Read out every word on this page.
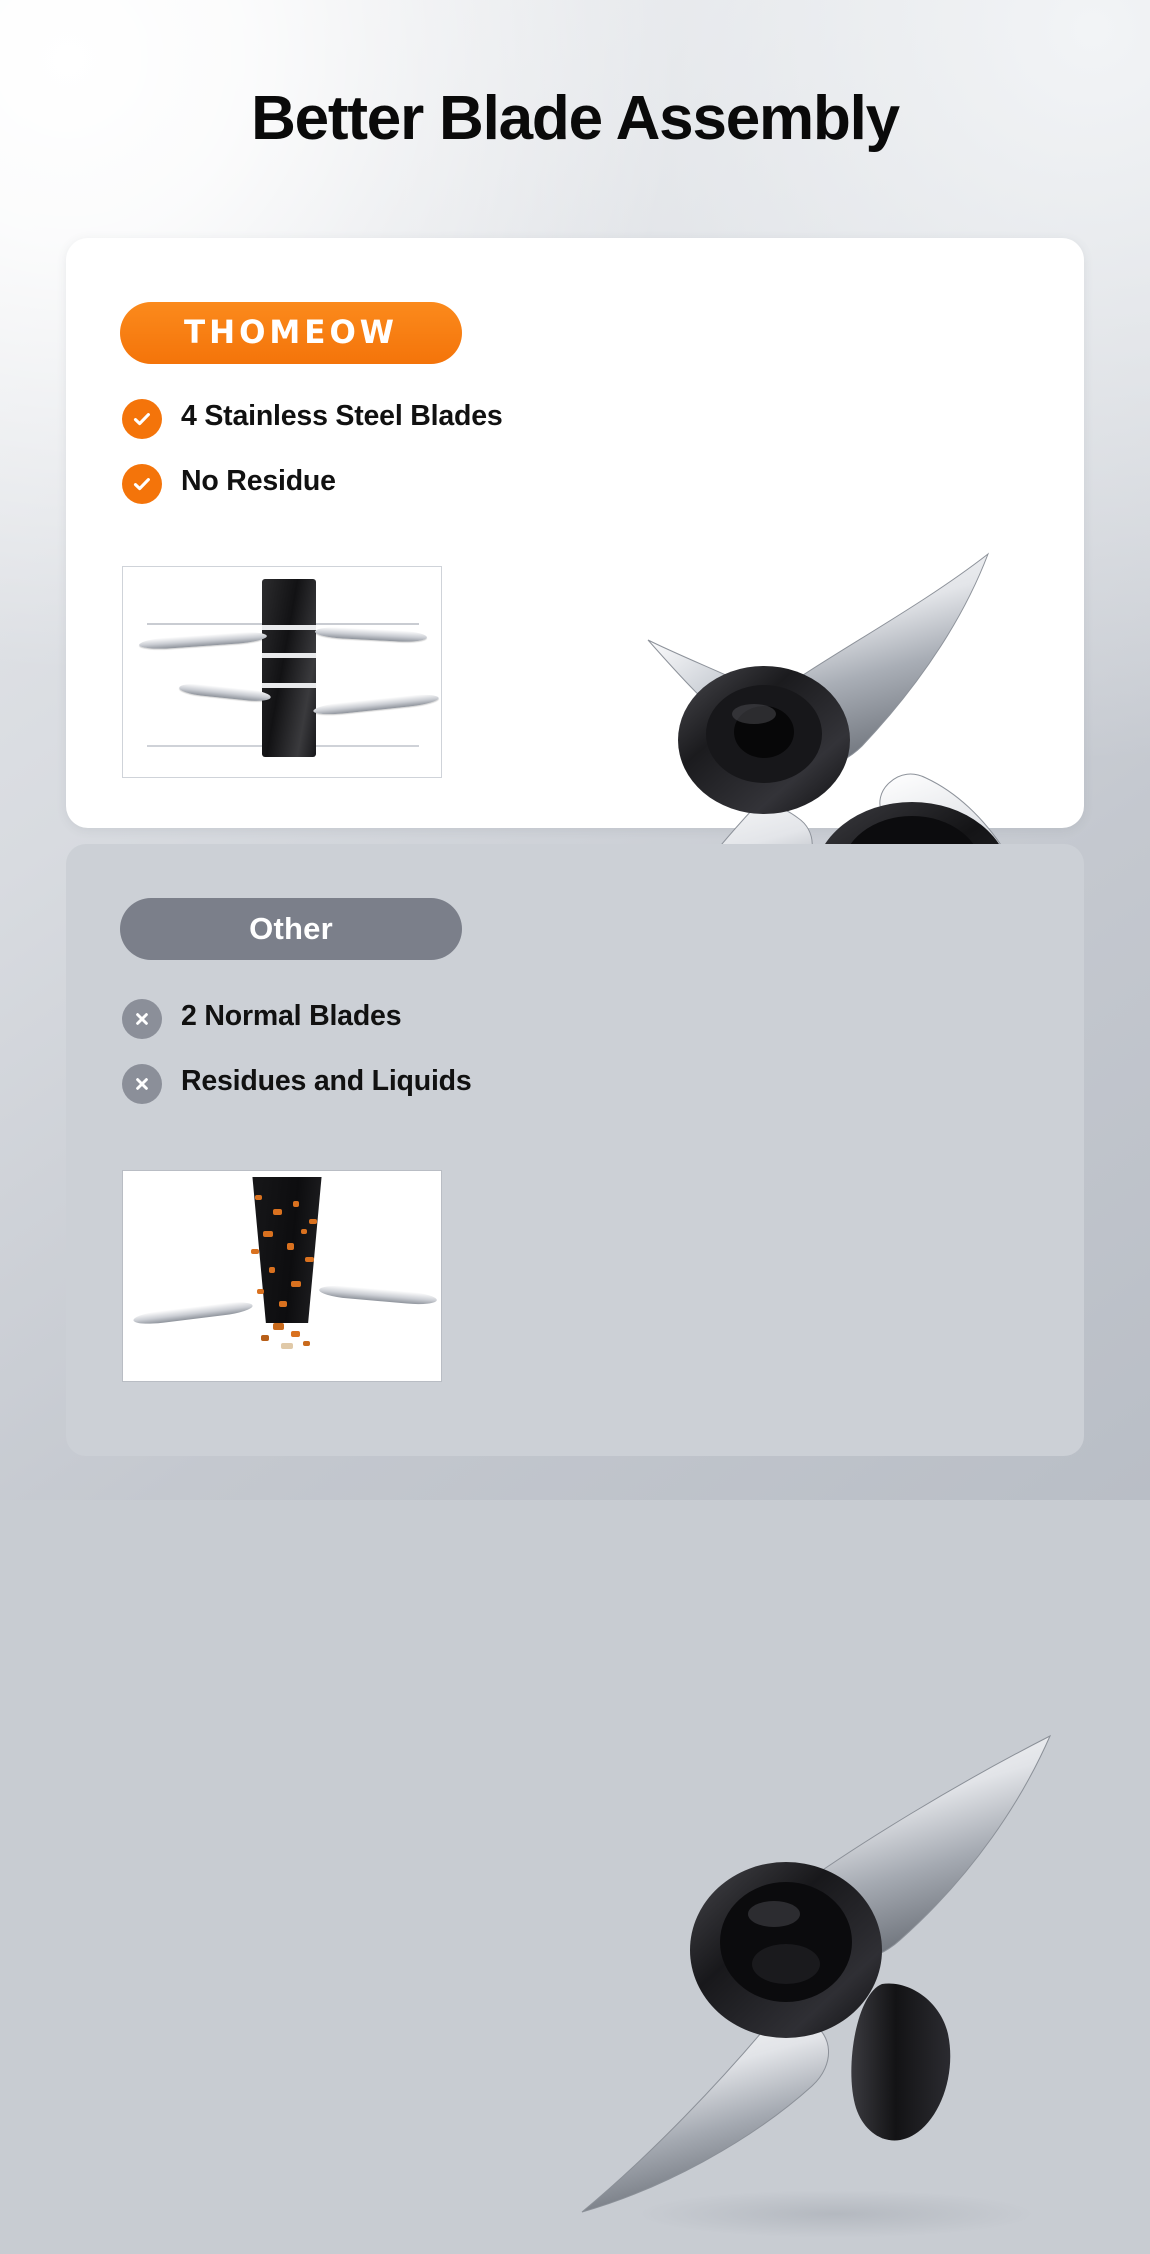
Better Blade Assembly
THOMEOW
4 Stainless Steel Blades
No Residue
Other
2 Normal Blades
Residues and Liquids
